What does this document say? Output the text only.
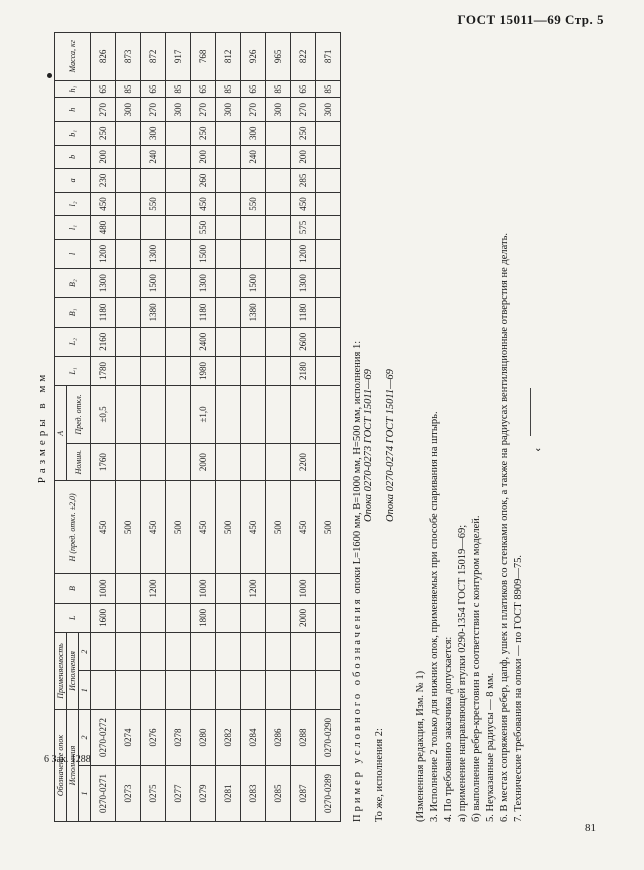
ГОСТ 15011—69 Стр. 5
6 Зак. 1288
81
⌄
Размеры в мм
Обозначение опок		Применяемость		L	B	H (пред. откл. ±2,0)	A		L₁	L₂	B₁	B₂	l	l₁	l₂	a	b	b₁	h	h₁	Масса, кг
Исполнения		Исполнения					Номин.	Пред. откл.													
1	2	1	2																		
0270-0271	0270-0272			1600	1000	450	1760	±0,5	1780	2160	1180	1300	1200	480	450	230	200	250	270	65	826
0273	0274					500													300	85	873
0275	0276				1200	450					1380	1500	1300		550		240	300	270	65	872
0277	0278					500													300	85	917
0279	0280			1800	1000	450	2000	±1,0	1980	2400	1180	1300	1500	550	450	260	200	250	270	65	768
0281	0282					500													300	85	812
0283	0284				1200	450					1380	1500			550		240	300	270	65	926
0285	0286					500													300	85	965
0287	0288			2000	1000	450	2200		2180	2600	1180	1300	1200	575	450	285	200	250	270	65	822
0270-0289	0270-0290					500													300	85	871
Пример условного обозначения опоки L=1600 мм, B=1000 мм, H=500 мм, исполнения 1: Опока 0270-0273 ГОСТ 15011—69
То же, исполнения 2:
Опока 0270-0274 ГОСТ 15011—69

(Измененная редакция, Изм. № 1) 3. Исполнение 2 только для нижних опок, применяемых при способе спаривания на штырь. 4. По требованию заказчика допускается: а) применение направляющей втулки 0290-1354 ГОСТ 15019—69; б) выполнение ребер-крестовин в соответствии с контуром моделей. 5. Неуказанные радиусы — 8 мм. 6. В местах сопряжения ребер, цапф, ушек и платиков со стенками опок, а также на радиусах вентиляционные отверстия не делать. 7. Технические требования на опоки — по ГОСТ 8909—75.
